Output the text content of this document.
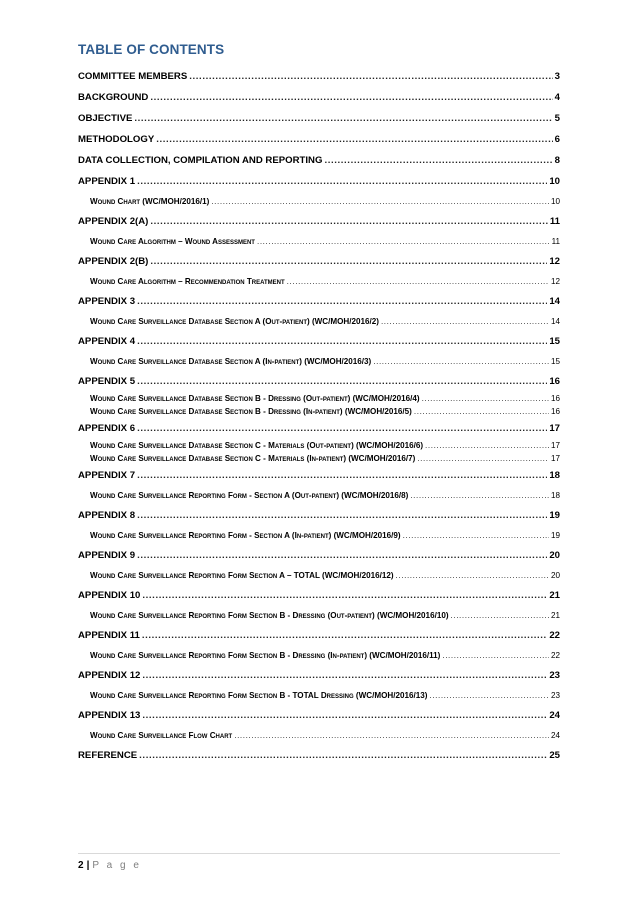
TABLE OF CONTENTS
COMMITTEE MEMBERS .....	3
BACKGROUND .....	4
OBJECTIVE .....	5
METHODOLOGY .....	6
DATA COLLECTION, COMPILATION AND REPORTING .....	8
APPENDIX 1 .....	10
Wound Chart (WC/MOH/2016/1) .....	10
APPENDIX 2(A) .....	11
Wound Care Algorithm – Wound Assessment .....	11
APPENDIX 2(B) .....	12
Wound Care Algorithm – Recommendation Treatment .....	12
APPENDIX 3 .....	14
Wound Care Surveillance Database Section A (Out-patient) (WC/MOH/2016/2) .....	14
APPENDIX 4 .....	15
Wound Care Surveillance Database Section A (In-patient) (WC/MOH/2016/3) .....	15
APPENDIX 5 .....	16
Wound Care Surveillance Database Section B - Dressing (Out-patient) (WC/MOH/2016/4) .....	16
Wound Care Surveillance Database Section B - Dressing (In-patient) (WC/MOH/2016/5) .....	16
APPENDIX 6 .....	17
Wound Care Surveillance Database Section C - Materials (Out-patient) (WC/MOH/2016/6) .....	17
Wound Care Surveillance Database Section C - Materials (In-patient) (WC/MOH/2016/7) .....	17
APPENDIX 7 .....	18
Wound Care Surveillance Reporting Form - Section A (Out-patient) (WC/MOH/2016/8) .....	18
APPENDIX 8 .....	19
Wound Care Surveillance Reporting Form - Section A (In-patient) (WC/MOH/2016/9) .....	19
APPENDIX 9 .....	20
Wound Care Surveillance Reporting Form Section A – TOTAL (WC/MOH/2016/12) .....	20
APPENDIX 10 .....	21
Wound Care Surveillance Reporting Form Section B - Dressing (Out-patient) (WC/MOH/2016/10) .....	21
APPENDIX 11 .....	22
Wound Care Surveillance Reporting Form Section B - Dressing (In-patient) (WC/MOH/2016/11) .....	22
APPENDIX 12 .....	23
Wound Care Surveillance Reporting Form Section B - TOTAL Dressing (WC/MOH/2016/13) .....	23
APPENDIX 13 .....	24
Wound Care Surveillance Flow Chart .....	24
REFERENCE .....	25
2 | P a g e
